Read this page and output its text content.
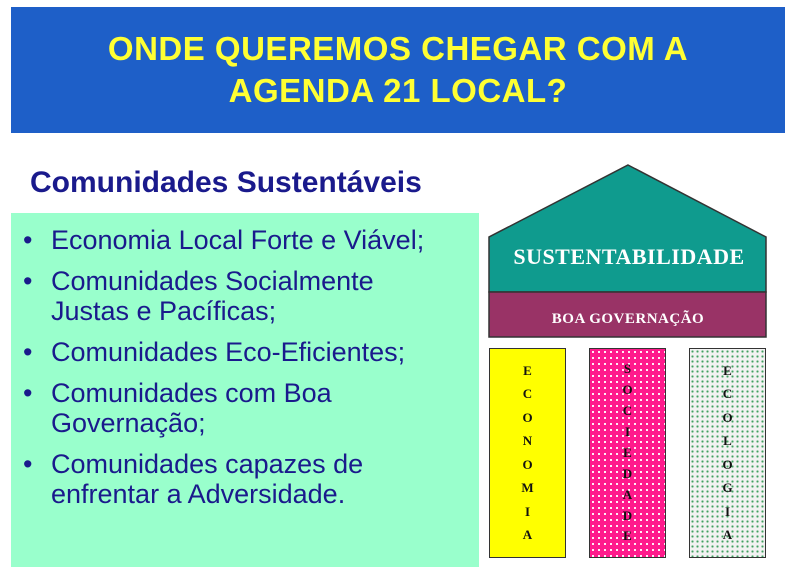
ONDE QUEREMOS CHEGAR COM A
AGENDA 21 LOCAL?
Comunidades Sustentáveis
• Economia Local Forte e Viável;
• Comunidades Socialmente
Justas e Pacíficas;
• Comunidades Eco-Eficientes;
• Comunidades com Boa
Governação;
• Comunidades capazes de
enfrentar a Adversidade.
SUSTENTABILIDADE
BOA GOVERNAÇÃO
E
C
O
N
O
M
I
A
S
O
C
I
E
D
A
D
E
E
C
O
L
O
G
I
A
